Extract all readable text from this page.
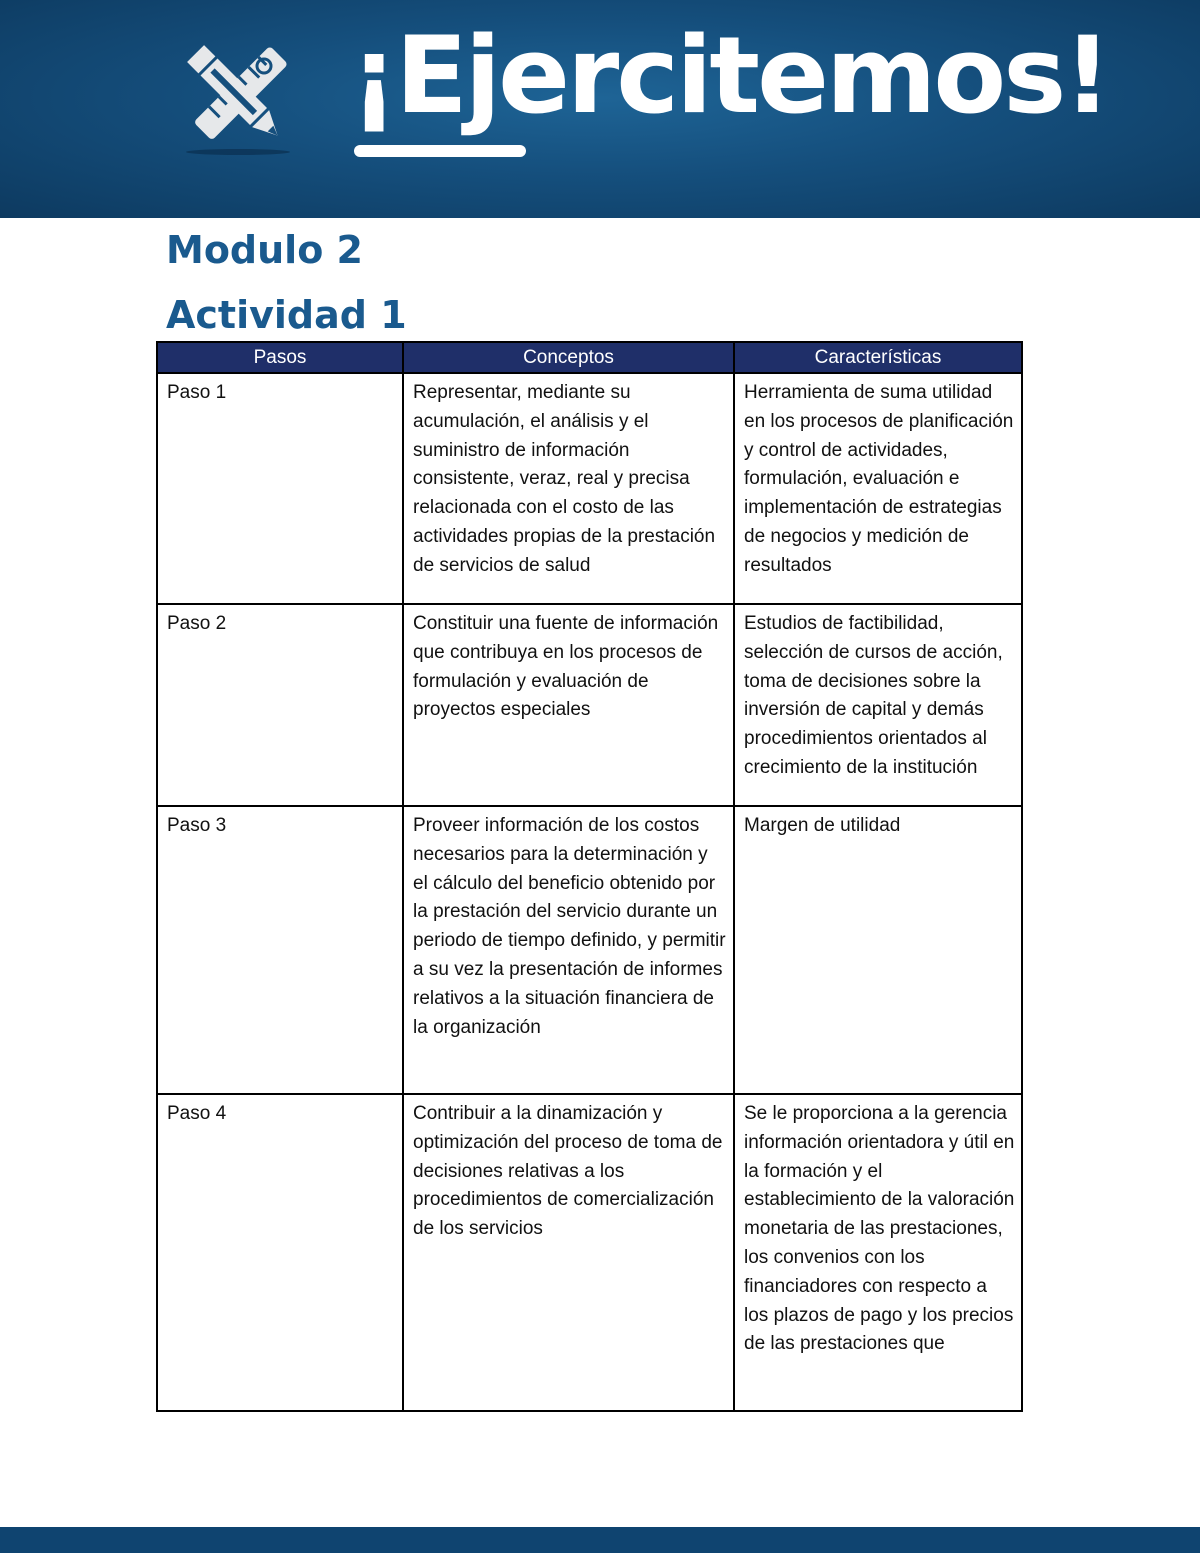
¡Ejercitemos!
Modulo 2
Actividad 1
Pasos	Conceptos	Características
Paso 1	Representar, mediante su acumulación, el análisis y el suministro de información consistente, veraz, real y precisa relacionada con el costo de las actividades propias de la prestación de servicios de salud	Herramienta de suma utilidad en los procesos de planificación y control de actividades, formulación, evaluación e implementación de estrategias de negocios y medición de resultados
Paso 2	Constituir una fuente de información que contribuya en los procesos de formulación y evaluación de proyectos especiales	Estudios de factibilidad, selección de cursos de acción, toma de decisiones sobre la inversión de capital y demás procedimientos orientados al crecimiento de la institución
Paso 3	Proveer información de los costos necesarios para la determinación y el cálculo del beneficio obtenido por la prestación del servicio durante un periodo de tiempo definido, y permitir a su vez la presentación de informes relativos a la situación financiera de la organización	Margen de utilidad
Paso 4	Contribuir a la dinamización y optimización del proceso de toma de decisiones relativas a los procedimientos de comercialización de los servicios	Se le proporciona a la gerencia información orientadora y útil en la formación y el establecimiento de la valoración monetaria de las prestaciones, los convenios con los financiadores con respecto a los plazos de pago y los precios de las prestaciones que
